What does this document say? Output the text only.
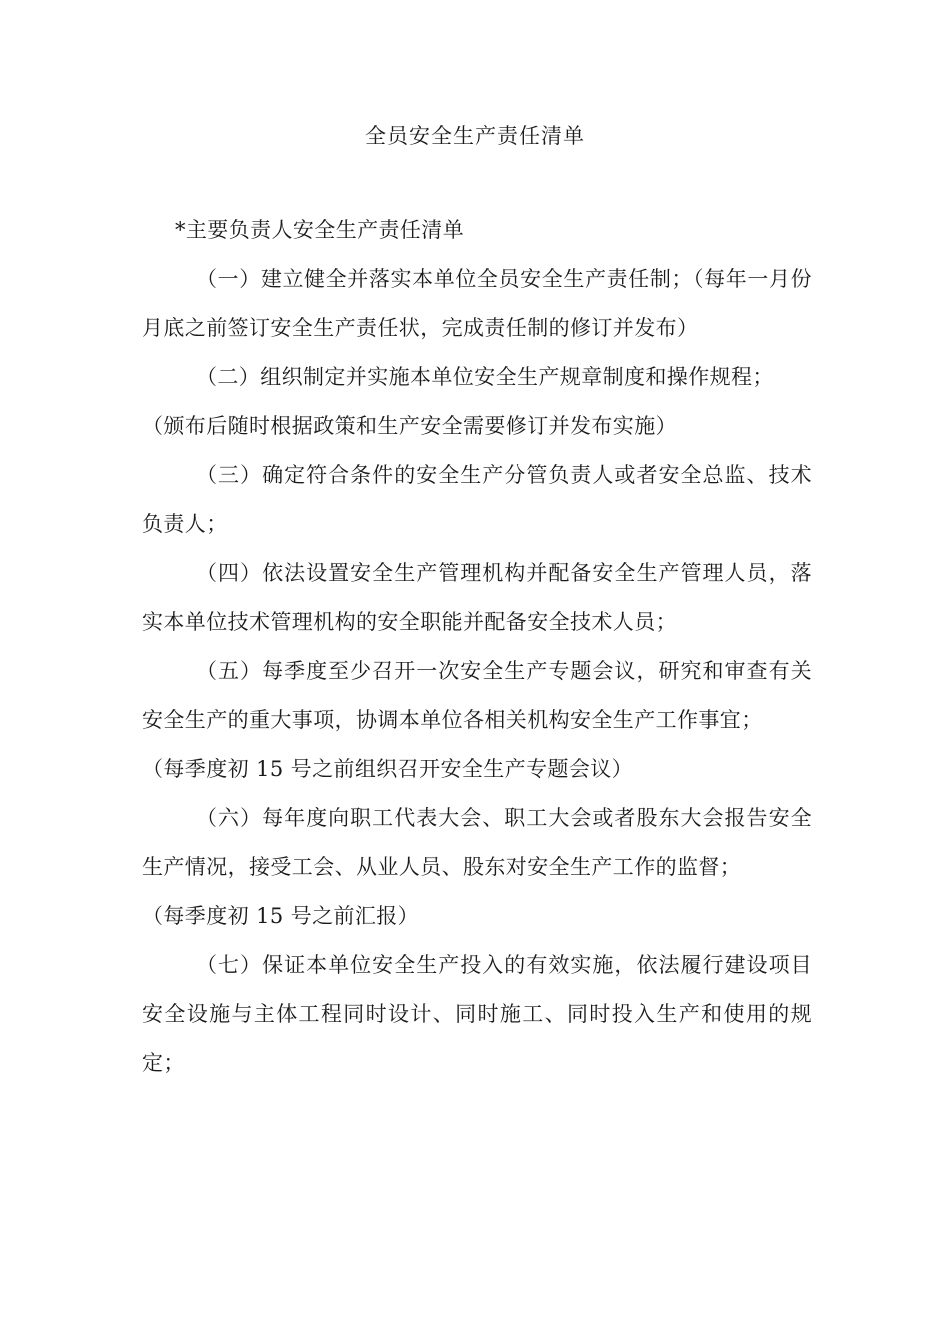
全员安全生产责任清单
*主要负责人安全生产责任清单

（一）建立健全并落实本单位全员安全生产责任制；（每年一月份月底之前签订安全生产责任状，完成责任制的修订并发布）

（二）组织制定并实施本单位安全生产规章制度和操作规程；
（颁布后随时根据政策和生产安全需要修订并发布实施）

（三）确定符合条件的安全生产分管负责人或者安全总监、技术负责人；

（四）依法设置安全生产管理机构并配备安全生产管理人员，落实本单位技术管理机构的安全职能并配备安全技术人员；

（五）每季度至少召开一次安全生产专题会议，研究和审查有关安全生产的重大事项，协调本单位各相关机构安全生产工作事宜；
（每季度初 15 号之前组织召开安全生产专题会议）

（六）每年度向职工代表大会、职工大会或者股东大会报告安全生产情况，接受工会、从业人员、股东对安全生产工作的监督；
（每季度初 15 号之前汇报）

（七）保证本单位安全生产投入的有效实施，依法履行建设项目安全设施与主体工程同时设计、同时施工、同时投入生产和使用的规定；
